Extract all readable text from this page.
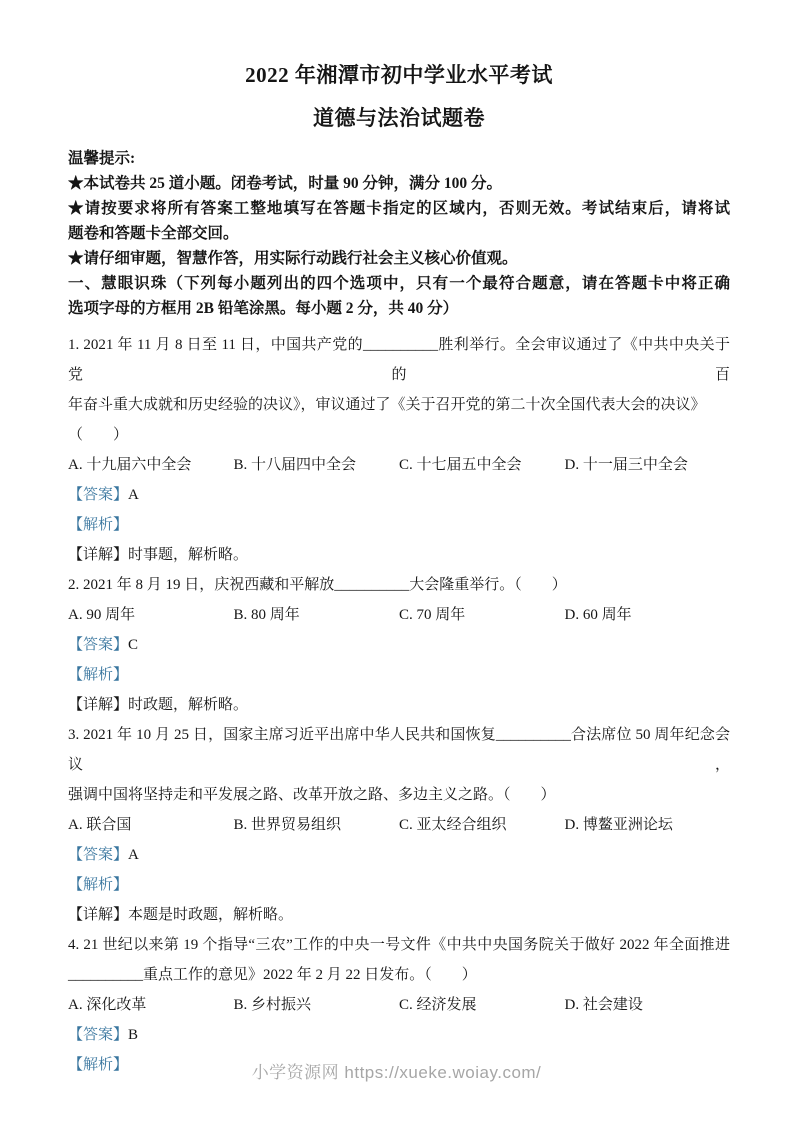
2022 年湘潭市初中学业水平考试
道德与法治试题卷
温馨提示:
★本试卷共 25 道小题。闭卷考试，时量 90 分钟，满分 100 分。
★请按要求将所有答案工整地填写在答题卡指定的区域内，否则无效。考试结束后，请将试
题卷和答题卡全部交回。
★请仔细审题，智慧作答，用实际行动践行社会主义核心价值观。
一、慧眼识珠（下列每小题列出的四个选项中，只有一个最符合题意，请在答题卡中将正确
选项字母的方框用 2B 铅笔涂黑。每小题 2 分，共 40 分）
1. 2021 年 11 月 8 日至 11 日，中国共产党的__________胜利举行。全会审议通过了《中共中央关于党的百
年奋斗重大成就和历史经验的决议》，审议通过了《关于召开党的第二十次全国代表大会的决议》（　　）
A. 十九届六中全会	B. 十八届四中全会	C. 十七届五中全会	D. 十一届三中全会
【答案】A
【解析】
【详解】时事题，解析略。
2. 2021 年 8 月 19 日，庆祝西藏和平解放__________大会隆重举行。（　　）
A. 90 周年	B. 80 周年	C. 70 周年	D. 60 周年
【答案】C
【解析】
【详解】时政题，解析略。
3. 2021 年 10 月 25 日，国家主席习近平出席中华人民共和国恢复__________合法席位 50 周年纪念会议，
强调中国将坚持走和平发展之路、改革开放之路、多边主义之路。（　　）
A. 联合国	B. 世界贸易组织	C. 亚太经合组织	D. 博鳌亚洲论坛
【答案】A
【解析】
【详解】本题是时政题，解析略。
4. 21 世纪以来第 19 个指导“三农”工作的中央一号文件《中共中央国务院关于做好 2022 年全面推进
__________重点工作的意见》2022 年 2 月 22 日发布。（　　）
A. 深化改革	B. 乡村振兴	C. 经济发展	D. 社会建设
【答案】B
【解析】	小学资源网 https://xueke.woiay.com/
